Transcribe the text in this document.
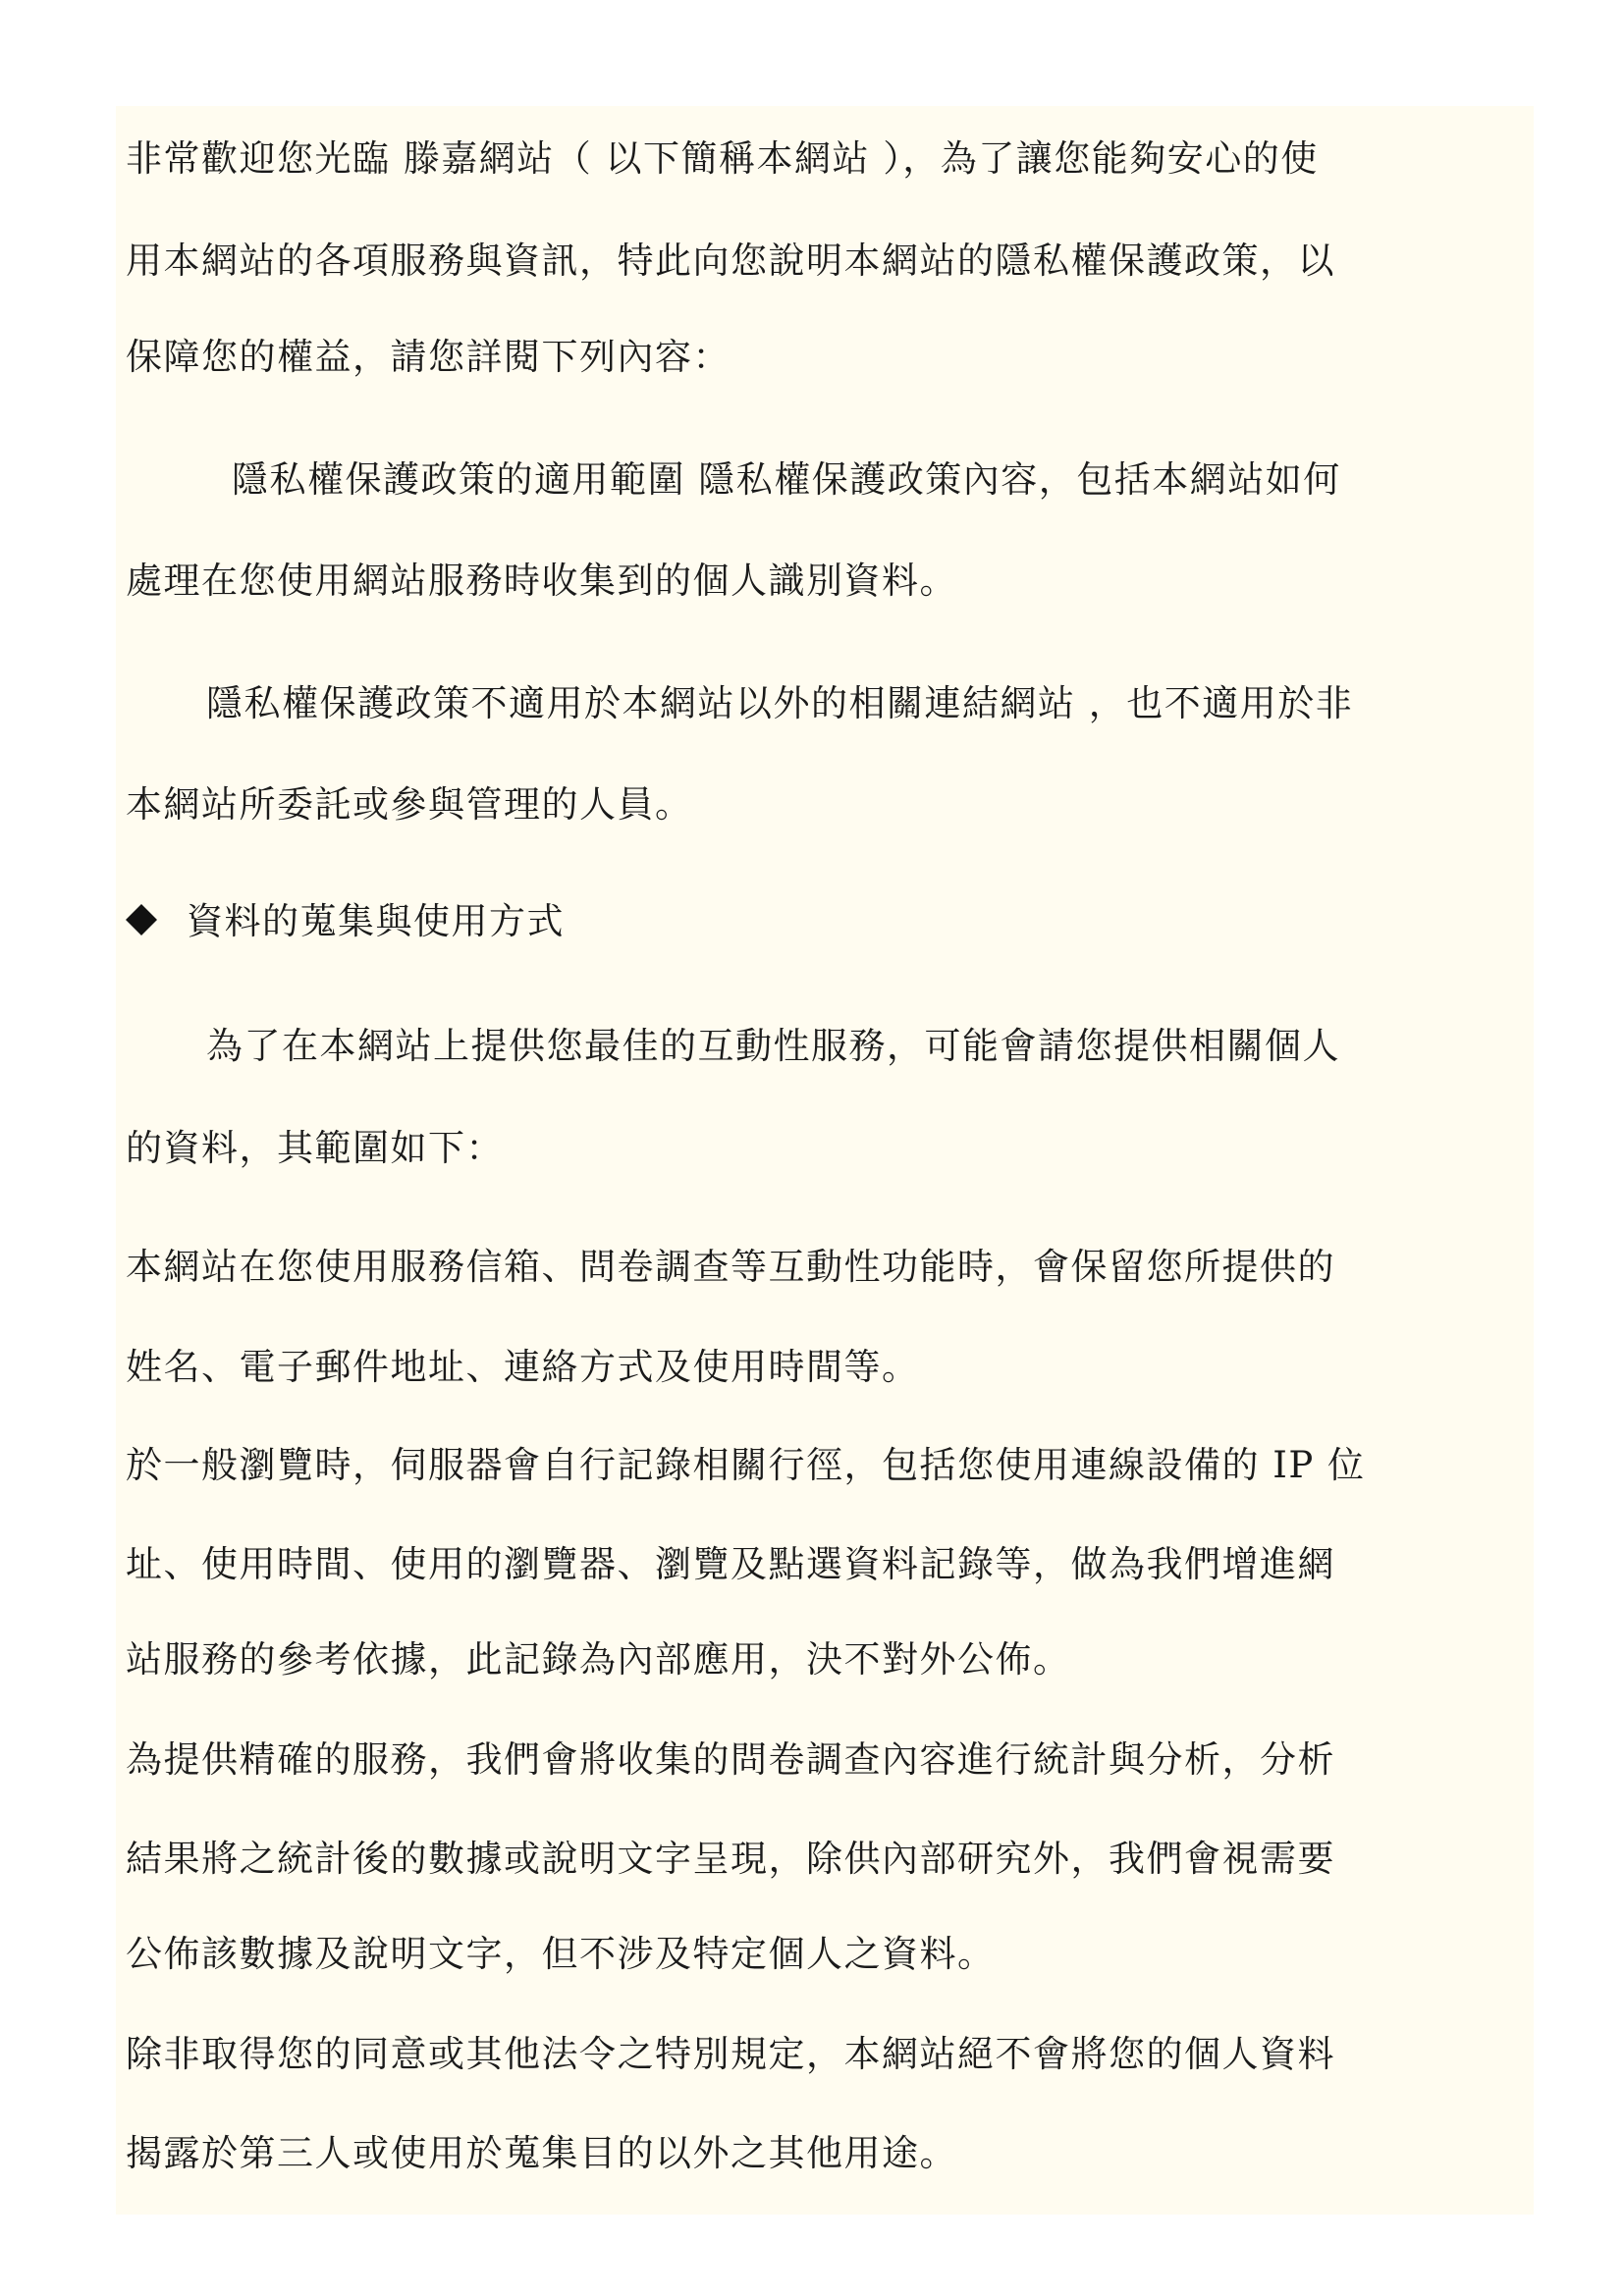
非常歡迎您光臨 滕嘉網站（ 以下簡稱本網站 ），為了讓您能夠安心的使
用本網站的各項服務與資訊，特此向您說明本網站的隱私權保護政策，以
保障您的權益，請您詳閱下列內容：
隱私權保護政策的適用範圍 隱私權保護政策內容，包括本網站如何
處理在您使用網站服務時收集到的個人識別資料。
隱私權保護政策不適用於本網站以外的相關連結網站 ，也不適用於非
本網站所委託或參與管理的人員。
資料的蒐集與使用方式
為了在本網站上提供您最佳的互動性服務，可能會請您提供相關個人
的資料，其範圍如下：
本網站在您使用服務信箱、問卷調查等互動性功能時，會保留您所提供的
姓名、電子郵件地址、連絡方式及使用時間等。
於一般瀏覽時，伺服器會自行記錄相關行徑，包括您使用連線設備的 IP 位
址、使用時間、使用的瀏覽器、瀏覽及點選資料記錄等，做為我們增進網
站服務的參考依據，此記錄為內部應用，決不對外公佈。
為提供精確的服務，我們會將收集的問卷調查內容進行統計與分析，分析
結果將之統計後的數據或說明文字呈現，除供內部研究外，我們會視需要
公佈該數據及說明文字，但不涉及特定個人之資料。
除非取得您的同意或其他法令之特別規定，本網站絕不會將您的個人資料
揭露於第三人或使用於蒐集目的以外之其他用途。
